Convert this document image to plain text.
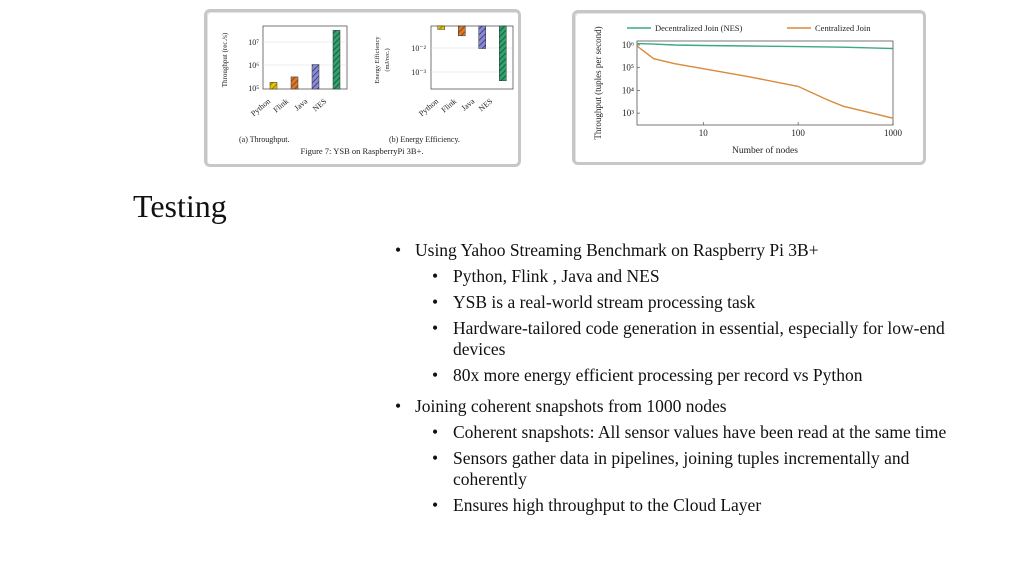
Throughput (rec./s) 10⁷
10⁶
10⁵
Python Flink Java NES
(a) Throughput.
Energy Efficiency (mJ/rec.)	10⁻²
10⁻³
Python Flink Java NES
(b) Energy Efficiency.
Figure 7: YSB on RaspberryPi 3B+.
Decentralized Join (NES)	Centralized Join
10⁶
10⁵
10⁴
10³
10	100	1000
Throughput (tuples per second)
Number of nodes
Testing
• Using Yahoo Streaming Benchmark on Raspberry Pi 3B+
• Python, Flink , Java and NES
• YSB is a real-world stream processing task
• Hardware-tailored code generation in essential, especially for low-end devices
• 80x more energy efficient processing per record vs Python
• Joining coherent snapshots from 1000 nodes
• Coherent snapshots: All sensor values have been read at the same time
• Sensors gather data in pipelines, joining tuples incrementally and coherently
• Ensures high throughput to the Cloud Layer
